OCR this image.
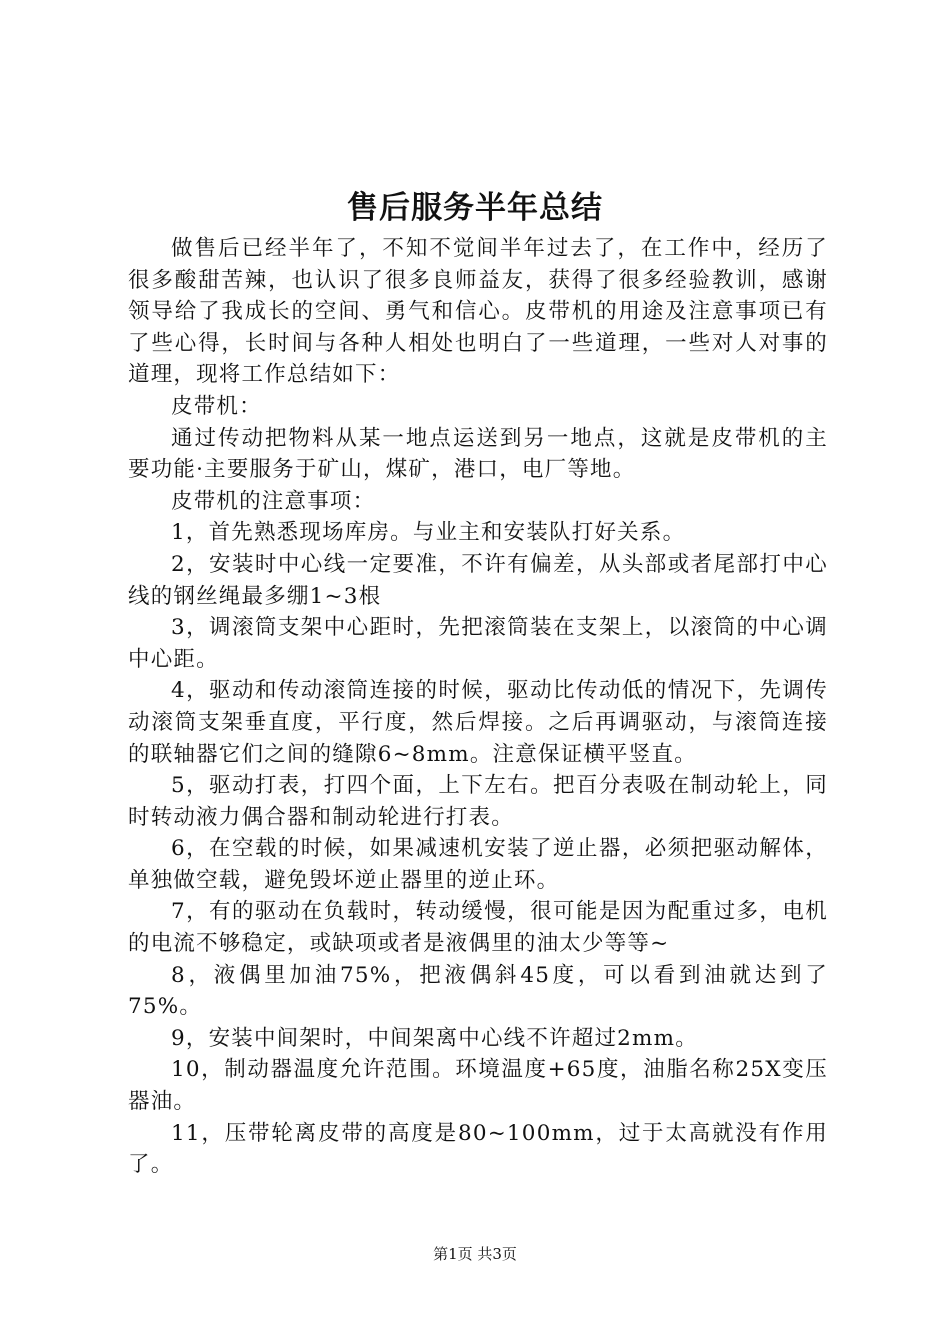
售后服务半年总结

做售后已经半年了，不知不觉间半年过去了，在工作中，经历了很多酸甜苦辣，也认识了很多良师益友，获得了很多经验教训，感谢领导给了我成长的空间、勇气和信心。皮带机的用途及注意事项已有了些心得，长时间与各种人相处也明白了一些道理，一些对人对事的道理，现将工作总结如下：

皮带机：

通过传动把物料从某一地点运送到另一地点，这就是皮带机的主要功能·主要服务于矿山，煤矿，港口，电厂等地。

皮带机的注意事项：

1，首先熟悉现场库房。与业主和安装队打好关系。

2，安装时中心线一定要准，不许有偏差，从头部或者尾部打中心线的钢丝绳最多绷1~3根

3，调滚筒支架中心距时，先把滚筒装在支架上，以滚筒的中心调中心距。

4，驱动和传动滚筒连接的时候，驱动比传动低的情况下，先调传动滚筒支架垂直度，平行度，然后焊接。之后再调驱动，与滚筒连接的联轴器它们之间的缝隙6~8mm。注意保证横平竖直。

5，驱动打表，打四个面，上下左右。把百分表吸在制动轮上，同时转动液力偶合器和制动轮进行打表。

6，在空载的时候，如果减速机安装了逆止器，必须把驱动解体，单独做空载，避免毁坏逆止器里的逆止环。

7，有的驱动在负载时，转动缓慢，很可能是因为配重过多，电机的电流不够稳定，或缺项或者是液偶里的油太少等等~

8，液偶里加油75%，把液偶斜45度，可以看到油就达到了75%。

9，安装中间架时，中间架离中心线不许超过2mm。

10，制动器温度允许范围。环境温度+65度，油脂名称25X变压器油。

11，压带轮离皮带的高度是80~100mm，过于太高就没有作用了。

第1页 共3页
